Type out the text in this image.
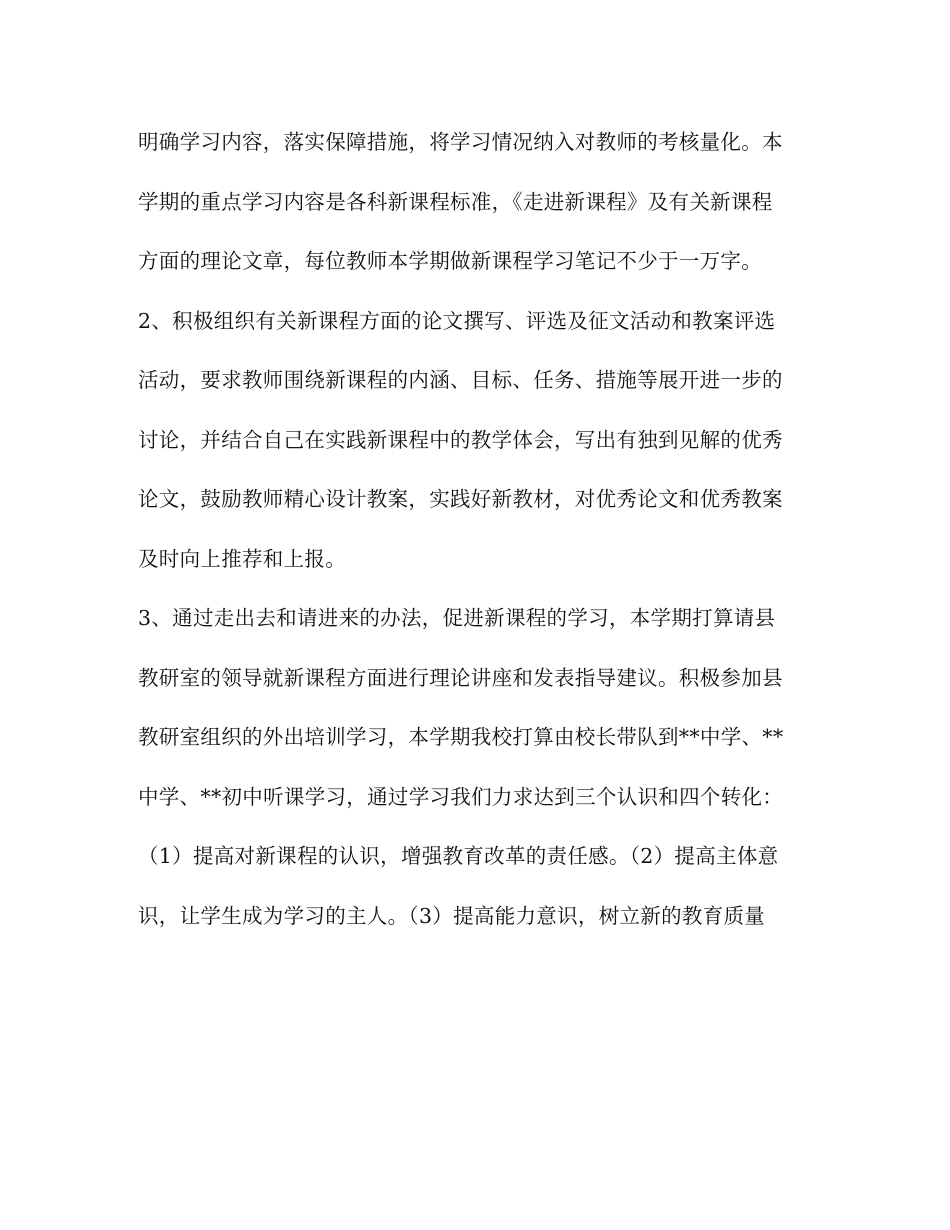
明确学习内容，落实保障措施，将学习情况纳入对教师的考核量化。本
学期的重点学习内容是各科新课程标准，《走进新课程》及有关新课程
方面的理论文章，每位教师本学期做新课程学习笔记不少于一万字。
2、积极组织有关新课程方面的论文撰写、评选及征文活动和教案评选
活动，要求教师围绕新课程的内涵、目标、任务、措施等展开进一步的
讨论，并结合自己在实践新课程中的教学体会，写出有独到见解的优秀
论文，鼓励教师精心设计教案，实践好新教材，对优秀论文和优秀教案
及时向上推荐和上报。
3、通过走出去和请进来的办法，促进新课程的学习，本学期打算请县
教研室的领导就新课程方面进行理论讲座和发表指导建议。积极参加县
教研室组织的外出培训学习，本学期我校打算由校长带队到**中学、**
中学、**初中听课学习，通过学习我们力求达到三个认识和四个转化：
（1）提高对新课程的认识，增强教育改革的责任感。（2）提高主体意
识，让学生成为学习的主人。（3）提高能力意识，树立新的教育质量
